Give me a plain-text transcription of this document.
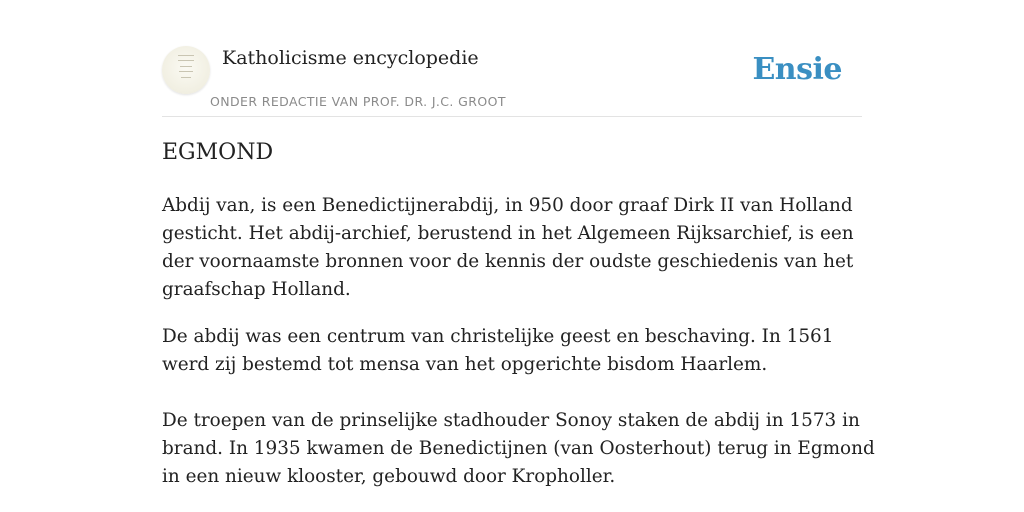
Katholicisme encyclopedie
ONDER REDACTIE VAN PROF. DR. J.C. GROOT
Ensie
EGMOND

Abdij van, is een Benedictijnerabdij, in 950 door graaf Dirk II van Holland gesticht. Het abdij-archief, berustend in het Algemeen Rijksarchief, is een der voornaamste bronnen voor de kennis der oudste geschiedenis van het graafschap Holland.

De abdij was een centrum van christelijke geest en beschaving. In 1561 werd zij bestemd tot mensa van het opgerichte bisdom Haarlem.

De troepen van de prinselijke stadhouder Sonoy staken de abdij in 1573 in brand. In 1935 kwamen de Benedictijnen (van Oosterhout) terug in Egmond in een nieuw klooster, gebouwd door Kropholler.
